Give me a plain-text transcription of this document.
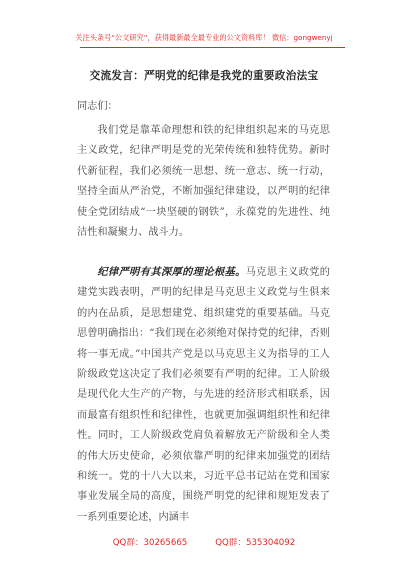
关注头条号“公文研究”，获得最新最全最专业的公文资料库！ 微信：gongwenyj
交流发言：严明党的纪律是我党的重要政治法宝
同志们：
我们党是靠革命理想和铁的纪律组织起来的马克思主义政党，纪律严明是党的光荣传统和独特优势。新时代新征程，我们必须统一思想、统一意志、统一行动，坚持全面从严治党，不断加强纪律建设，以严明的纪律使全党团结成“一块坚硬的钢铁”，永葆党的先进性、纯洁性和凝聚力、战斗力。
纪律严明有其深厚的理论根基。马克思主义政党的建党实践表明，严明的纪律是马克思主义政党与生俱来的内在品质，是思想建党、组织建党的重要基础。马克思曾明确指出：“我们现在必须绝对保持党的纪律，否则将一事无成。”中国共产党是以马克思主义为指导的工人阶级政党这决定了我们必须要有严明的纪律。工人阶级是现代化大生产的产物，与先进的经济形式相联系，因而最富有组织性和纪律性，也就更加强调组织性和纪律性。同时，工人阶级政党肩负着解放无产阶级和全人类的伟大历史使命，必须依靠严明的纪律来加强党的团结和统一。党的十八大以来，习近平总书记站在党和国家事业发展全局的高度，围绕严明党的纪律和规矩发表了一系列重要论述，内涵丰
QQ群：30265665	QQ群：535304092
